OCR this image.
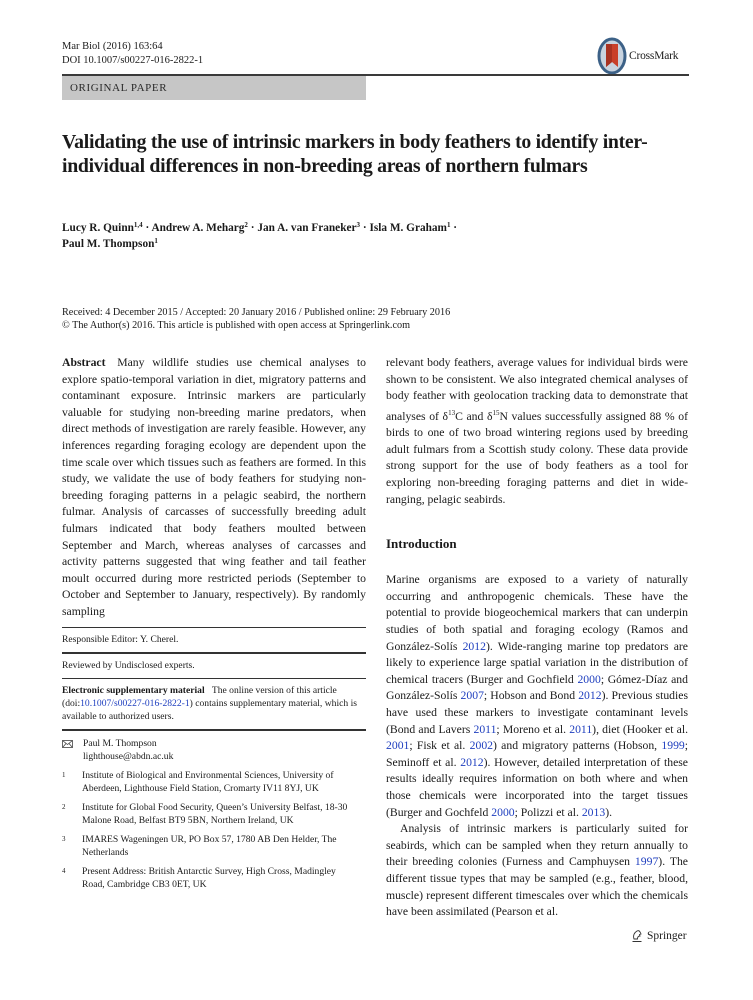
Mar Biol (2016) 163:64
DOI 10.1007/s00227-016-2822-1	CrossMark
ORIGINAL PAPER
Validating the use of intrinsic markers in body feathers to identify inter-individual differences in non-breeding areas of northern fulmars
Lucy R. Quinn$^{1,4}$ · Andrew A. Meharg$^2$ · Jan A. van Franeker$^3$ · Isla M. Graham$^1$ ·
Paul M. Thompson$^1$
Received: 4 December 2015 / Accepted: 20 January 2016 / Published online: 29 February 2016
© The Author(s) 2016. This article is published with open access at Springerlink.com

Abstract Many wildlife studies use chemical analyses to explore spatio-temporal variation in diet, migratory patterns and contaminant exposure. Intrinsic markers are particularly valuable for studying non-breeding marine predators, when direct methods of investigation are rarely feasible. However, any inferences regarding foraging ecology are dependent upon the time scale over which tissues such as feathers are formed. In this study, we validate the use of body feathers for studying non-breeding foraging patterns in a pelagic seabird, the northern fulmar. Analysis of carcasses of successfully breeding adult fulmars indicated that body feathers moulted between September and March, whereas analyses of carcasses and activity patterns suggested that wing feather and tail feather moult occurred during more restricted periods (September to October and September to January, respectively). By randomly sampling

Responsible Editor: Y. Cherel.
Reviewed by Undisclosed experts.
Electronic supplementary material The online version of this article (doi:10.1007/s00227-016-2822-1) contains supplementary material, which is available to authorized users.
Paul M. Thompson
lighthouse@abdn.ac.uk
1	Institute of Biological and Environmental Sciences, University of Aberdeen, Lighthouse Field Station, Cromarty IV11 8YJ, UK
2	Institute for Global Food Security, Queen’s University Belfast, 18-30 Malone Road, Belfast BT9 5BN, Northern Ireland, UK
3	IMARES Wageningen UR, PO Box 57, 1780 AB Den Helder, The Netherlands
4	Present Address: British Antarctic Survey, High Cross, Madingley Road, Cambridge CB3 0ET, UK

relevant body feathers, average values for individual birds were shown to be consistent. We also integrated chemical analyses of body feather with geolocation tracking data to demonstrate that analyses of $\delta^{13}C$ and $\delta^{15}N$ values successfully assigned 88 % of birds to one of two broad wintering regions used by breeding adult fulmars from a Scottish study colony. These data provide strong support for the use of body feathers as a tool for exploring non-breeding foraging patterns and diet in wide-ranging, pelagic seabirds.

Introduction

Marine organisms are exposed to a variety of naturally occurring and anthropogenic chemicals. These have the potential to provide biogeochemical markers that can underpin studies of both spatial and foraging ecology (Ramos and González-Solís 2012). Wide-ranging marine top predators are likely to experience large spatial variation in the distribution of chemical tracers (Burger and Gochfield 2000; Gómez-Díaz and González-Solís 2007; Hobson and Bond 2012). Previous studies have used these markers to investigate contaminant levels (Bond and Lavers 2011; Moreno et al. 2011), diet (Hooker et al. 2001; Fisk et al. 2002) and migratory patterns (Hobson, 1999; Seminoff et al. 2012). However, detailed interpretation of these results ideally requires information on both where and when those chemicals were incorporated into the target tissues (Burger and Gochfeld 2000; Polizzi et al. 2013).

Analysis of intrinsic markers is particularly suited for seabirds, which can be sampled when they return annually to their breeding colonies (Furness and Camphuysen 1997). The different tissue types that may be sampled (e.g., feather, blood, muscle) represent different timescales over which the chemicals have been assimilated (Pearson et al.

Springer
